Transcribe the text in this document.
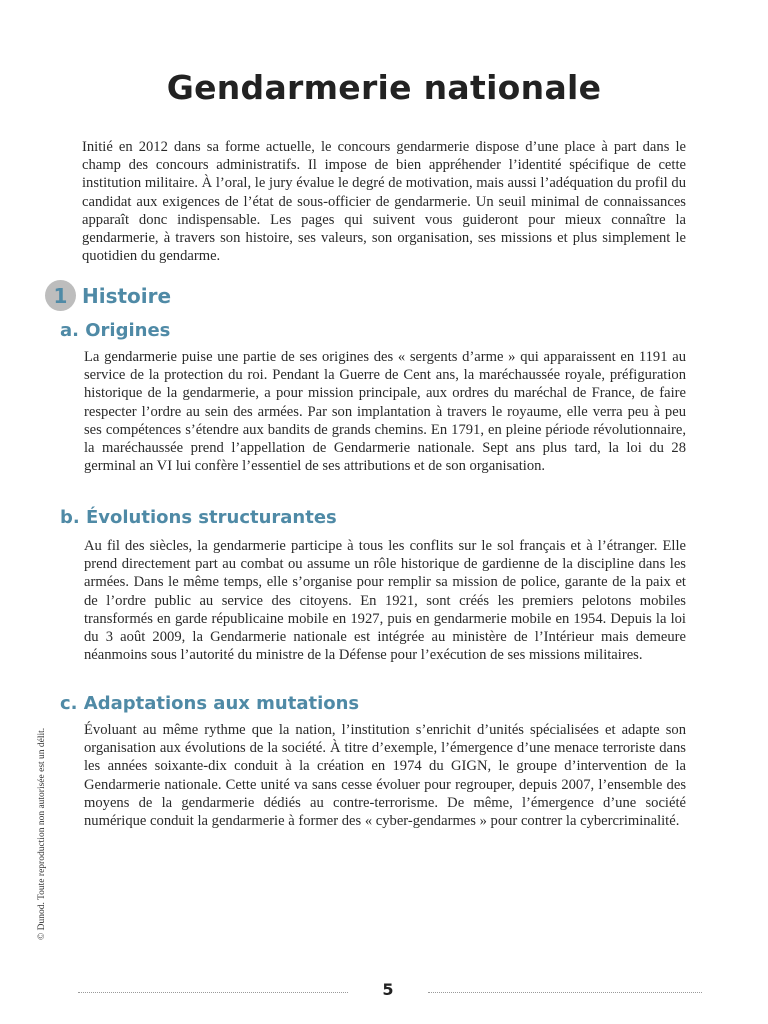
Gendarmerie nationale

Initié en 2012 dans sa forme actuelle, le concours gendarmerie dispose d’une place à part dans le champ des concours administratifs. Il impose de bien appréhender l’identité spécifique de cette institution militaire. À l’oral, le jury évalue le degré de motivation, mais aussi l’adéquation du profil du candidat aux exigences de l’état de sous-officier de gendarmerie. Un seuil minimal de connaissances apparaît donc indispensable. Les pages qui suivent vous guideront pour mieux connaître la gendarmerie, à travers son histoire, ses valeurs, son organisation, ses missions et plus simplement le quotidien du gendarme.

1 Histoire
a. Origines

La gendarmerie puise une partie de ses origines des « sergents d’arme » qui apparaissent en 1191 au service de la protection du roi. Pendant la Guerre de Cent ans, la maréchaussée royale, préfiguration historique de la gendarmerie, a pour mission principale, aux ordres du maréchal de France, de faire respecter l’ordre au sein des armées. Par son implantation à travers le royaume, elle verra peu à peu ses compétences s’étendre aux bandits de grands chemins. En 1791, en pleine période révolutionnaire, la maréchaussée prend l’appellation de Gendarmerie nationale. Sept ans plus tard, la loi du 28 germinal an VI lui confère l’essentiel de ses attributions et de son organisation.

b. Évolutions structurantes

Au fil des siècles, la gendarmerie participe à tous les conflits sur le sol français et à l’étranger. Elle prend directement part au combat ou assume un rôle historique de gardienne de la discipline dans les armées. Dans le même temps, elle s’organise pour remplir sa mission de police, garante de la paix et de l’ordre public au service des citoyens. En 1921, sont créés les premiers pelotons mobiles transformés en garde républicaine mobile en 1927, puis en gendarmerie mobile en 1954. Depuis la loi du 3 août 2009, la Gendarmerie nationale est intégrée au ministère de l’Intérieur mais demeure néanmoins sous l’autorité du ministre de la Défense pour l’exécution de ses missions militaires.

c. Adaptations aux mutations

Évoluant au même rythme que la nation, l’institution s’enrichit d’unités spécialisées et adapte son organisation aux évolutions de la société. À titre d’exemple, l’émergence d’une menace terroriste dans les années soixante-dix conduit à la création en 1974 du GIGN, le groupe d’intervention de la Gendarmerie nationale. Cette unité va sans cesse évoluer pour regrouper, depuis 2007, l’ensemble des moyens de la gendarmerie dédiés au contre-terrorisme. De même, l’émergence d’une société numérique conduit la gendarmerie à former des « cyber-gendarmes » pour contrer la cybercriminalité.

© Dunod. Toute reproduction non autorisée est un délit.
5
